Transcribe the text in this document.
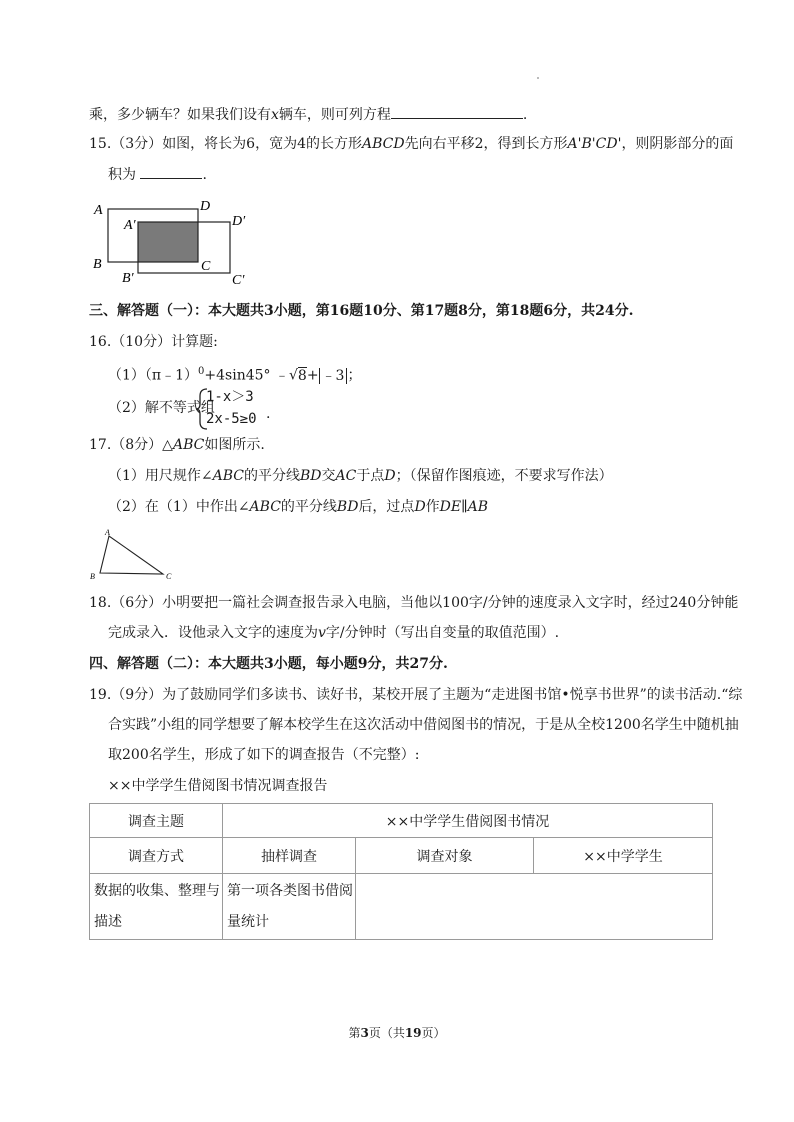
乘，多少辆车？如果我们设有x辆车，则可列方程	.
15.（3分）如图，将长为6，宽为4的长方形ABCD先向右平移2，得到长方形A'B'CD'，则阴影部分的面
积为	.
A
B
D
C
A′
B′
D′
C′
三、解答题（一）：本大题共3小题，第16题10分、第17题8分，第18题6分，共24分.
16.（10分）计算题:
（1）（π﹣1）$^0$+4sin45° ﹣√8+ ﹣3 ；
（2）解不等式组
1-x＞3
2x-5≥0 .
17.（8分）△ABC如图所示.
（1）用尺规作∠ABC的平分线BD交AC于点D；（保留作图痕迹，不要求写作法）
（2）在（1）中作出∠ABC的平分线BD后，过点D作DE∥AB
A
B	C
18.（6分）小明要把一篇社会调查报告录入电脑，当他以100字/分钟的速度录入文字时，经过240分钟能
完成录入．设他录入文字的速度为v字/分钟时（写出自变量的取值范围）.
四、解答题（二）：本大题共3小题，每小题9分，共27分.
19.（9分）为了鼓励同学们多读书、读好书，某校开展了主题为“走进图书馆•悦享书世界”的读书活动.“综
合实践”小组的同学想要了解本校学生在这次活动中借阅图书的情况，于是从全校1200名学生中随机抽
取200名学生，形成了如下的调查报告（不完整）:
××中学学生借阅图书情况调查报告
调查主题	××中学学生借阅图书情况		
调查方式	抽样调查	调查对象	××中学学生
数据的收集、整理与描述	第一项各类图书借阅量统计		
第3页（共19页）
